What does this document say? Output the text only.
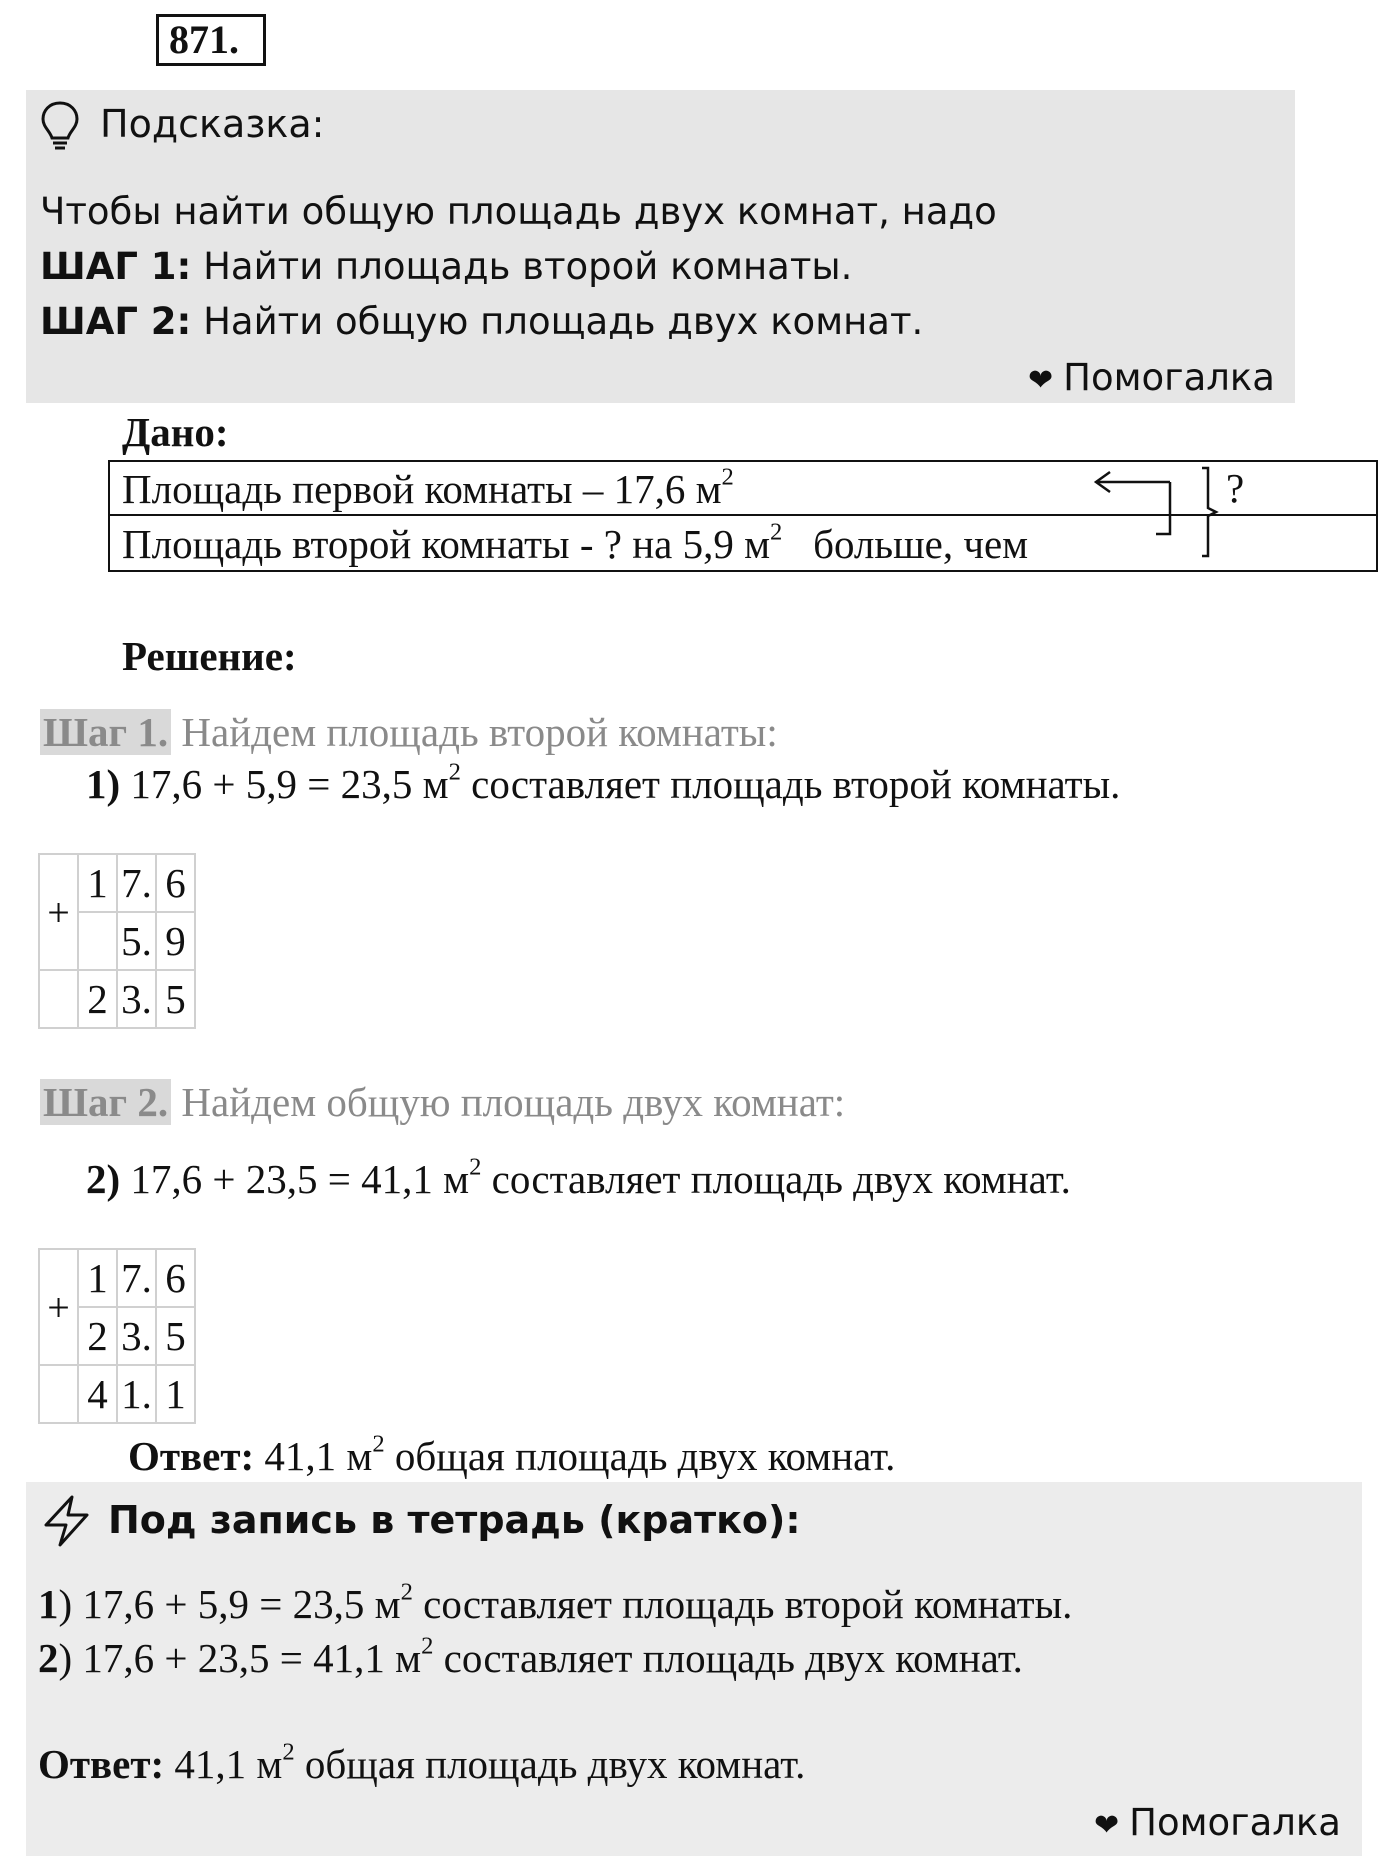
871.
Подсказка:
Чтобы найти общую площадь двух комнат, надо
ШАГ 1: Найти площадь второй комнаты.
ШАГ 2: Найти общую площадь двух комнат.
❤ Помогалка
Дано:
Площадь первой комнаты – 17,6 $м^2$
Площадь второй комнаты - ? на 5,9 $м^2$ больше, чем
?
Решение:
Шаг 1. Найдем площадь второй комнаты:
1) 17,6 + 5,9 = 23,5 $м^2$ составляет площадь второй комнаты.
+	1	7.	6
		5.	9
	2	3.	5
Шаг 2. Найдем общую площадь двух комнат:
2) 17,6 + 23,5 = 41,1 $м^2$ составляет площадь двух комнат.
+	1	7.	6
	2	3.	5
	4	1.	1
Ответ: 41,1 $м^2$ общая площадь двух комнат.
Под запись в тетрадь (кратко):
1) 17,6 + 5,9 = 23,5 $м^2$ составляет площадь второй комнаты.
2) 17,6 + 23,5 = 41,1 $м^2$ составляет площадь двух комнат.
Ответ: 41,1 $м^2$ общая площадь двух комнат.
❤ Помогалка
